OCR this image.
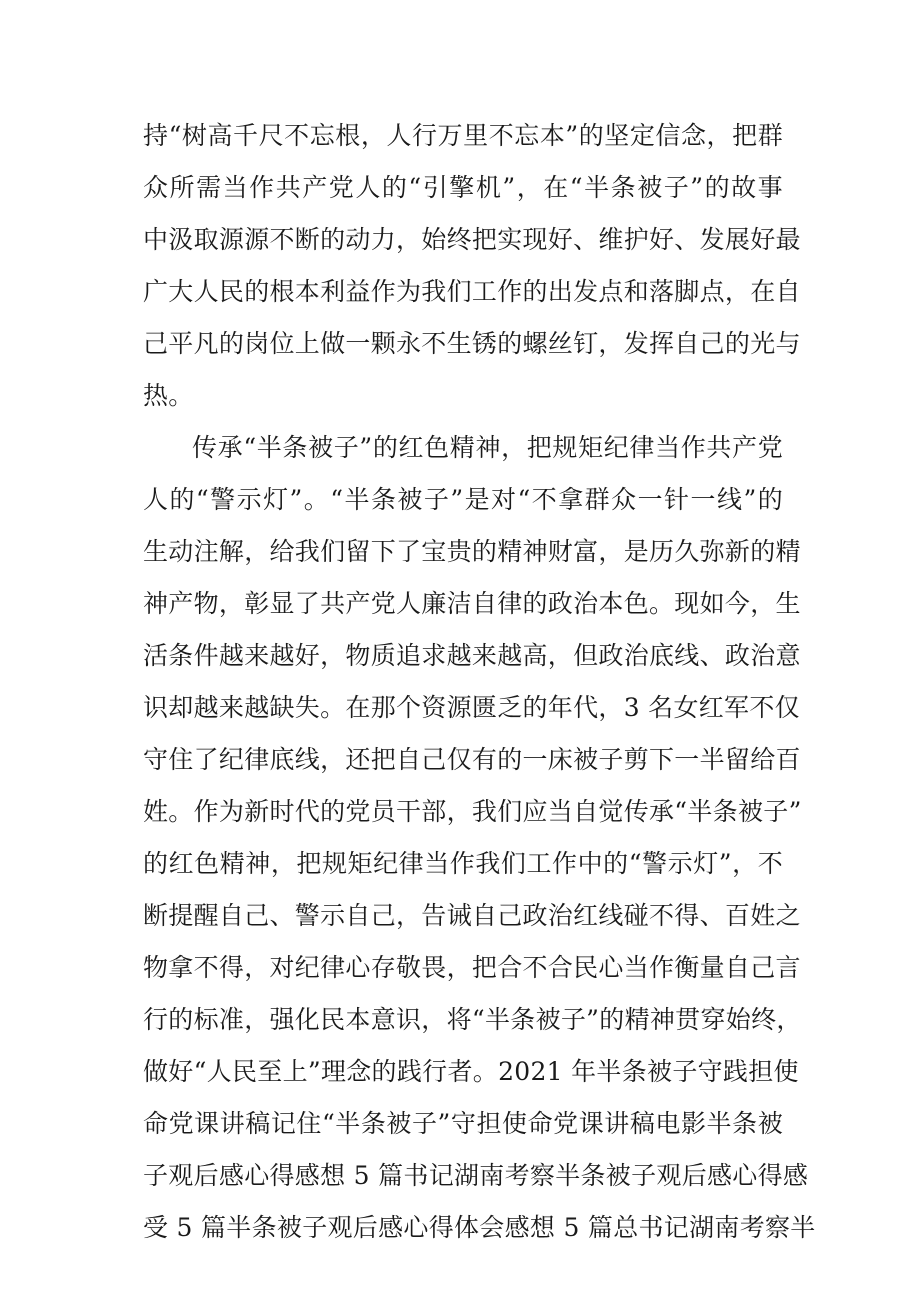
持“树高千尺不忘根，人行万里不忘本”的坚定信念，把群
众所需当作共产党人的“引擎机”，在“半条被子”的故事
中汲取源源不断的动力，始终把实现好、维护好、发展好最
广大人民的根本利益作为我们工作的出发点和落脚点，在自
己平凡的岗位上做一颗永不生锈的螺丝钉，发挥自己的光与
热。
传承“半条被子”的红色精神，把规矩纪律当作共产党
人的“警示灯”。“半条被子”是对“不拿群众一针一线”的
生动注解，给我们留下了宝贵的精神财富，是历久弥新的精
神产物，彰显了共产党人廉洁自律的政治本色。现如今，生
活条件越来越好，物质追求越来越高，但政治底线、政治意
识却越来越缺失。在那个资源匮乏的年代，3 名女红军不仅
守住了纪律底线，还把自己仅有的一床被子剪下一半留给百
姓。作为新时代的党员干部，我们应当自觉传承“半条被子”
的红色精神，把规矩纪律当作我们工作中的“警示灯”，不
断提醒自己、警示自己，告诫自己政治红线碰不得、百姓之
物拿不得，对纪律心存敬畏，把合不合民心当作衡量自己言
行的标准，强化民本意识，将“半条被子”的精神贯穿始终，
做好“人民至上”理念的践行者。2021 年半条被子守践担使
命党课讲稿记住“半条被子”守担使命党课讲稿电影半条被
子观后感心得感想 5 篇书记湖南考察半条被子观后感心得感
受 5 篇半条被子观后感心得体会感想 5 篇总书记湖南考察半
